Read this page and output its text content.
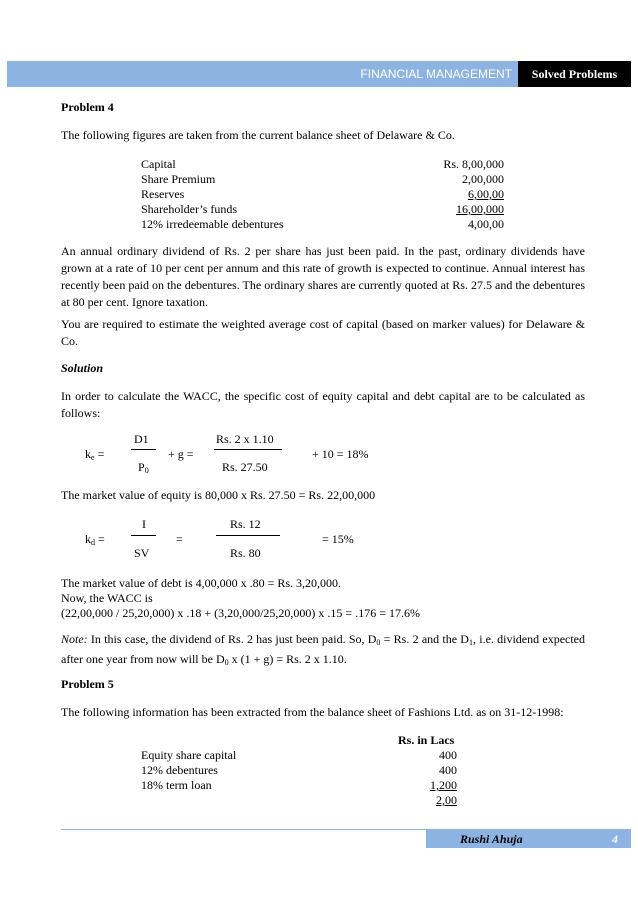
FINANCIAL MANAGEMENT	Solved Problems
Problem 4
The following figures are taken from the current balance sheet of Delaware & Co.
Capital	Rs. 8,00,000
Share Premium	2,00,000
Reserves	6,00,00
Shareholder’s funds	16,00,000
12% irredeemable debentures	4,00,00
An annual ordinary dividend of Rs. 2 per share has just been paid. In the past, ordinary dividends have grown at a rate of 10 per cent per annum and this rate of growth is expected to continue. Annual interest has recently been paid on the debentures. The ordinary shares are currently quoted at Rs. 27.5 and the debentures at 80 per cent. Ignore taxation.
You are required to estimate the weighted average cost of capital (based on marker values) for Delaware & Co.
Solution
In order to calculate the WACC, the specific cost of equity capital and debt capital are to be calculated as follows:
$k_e$ =
D1
$P_0$
+ g =
Rs. 2 x 1.10
Rs. 27.50
+ 10 = 18%
The market value of equity is 80,000 x Rs. 27.50 = Rs. 22,00,000
$k_d$ =
I
SV
=
Rs. 12
Rs. 80
= 15%
The market value of debt is 4,00,000 x .80 = Rs. 3,20,000.
Now, the WACC is
(22,00,000 / 25,20,000) x .18 + (3,20,000/25,20,000) x .15 = .176 = 17.6%
Note: In this case, the dividend of Rs. 2 has just been paid. So, $D_0 = Rs$. 2 and the $D_1$, i.e. dividend expected after one year from now will be $D_0$ x (1 + g) = Rs. 2 x 1.10.
Problem 5
The following information has been extracted from the balance sheet of Fashions Ltd. as on 31-12-1998:
Rs. in Lacs
Equity share capital	400
12% debentures	400
18% term loan	1,200
2,00
Rushi Ahuja	4
